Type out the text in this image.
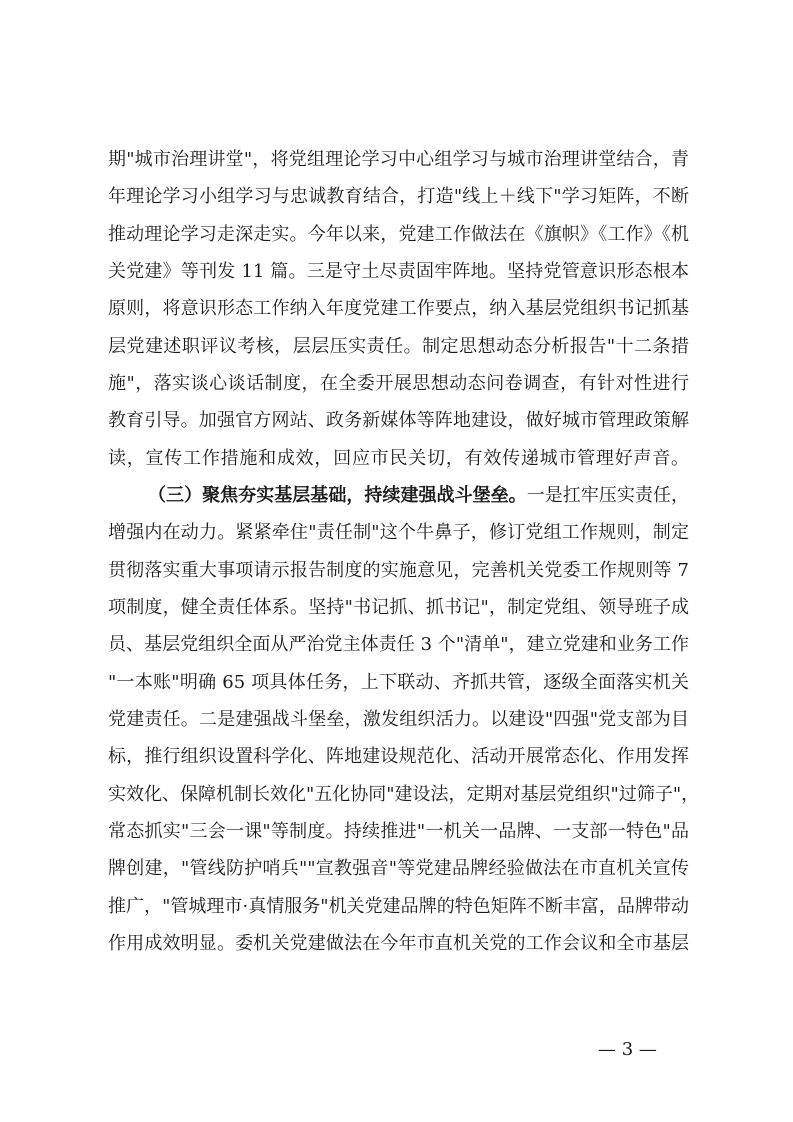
期"城市治理讲堂"，将党组理论学习中心组学习与城市治理讲堂结合，青
年理论学习小组学习与忠诚教育结合，打造"线上＋线下"学习矩阵，不断
推动理论学习走深走实。今年以来，党建工作做法在《旗帜》《工作》《机
关党建》等刊发 11 篇。三是守土尽责固牢阵地。坚持党管意识形态根本
原则，将意识形态工作纳入年度党建工作要点，纳入基层党组织书记抓基
层党建述职评议考核，层层压实责任。制定思想动态分析报告"十二条措
施"，落实谈心谈话制度，在全委开展思想动态问卷调查，有针对性进行
教育引导。加强官方网站、政务新媒体等阵地建设，做好城市管理政策解
读，宣传工作措施和成效，回应市民关切，有效传递城市管理好声音。
（三）聚焦夯实基层基础，持续建强战斗堡垒。一是扛牢压实责任，
增强内在动力。紧紧牵住"责任制"这个牛鼻子，修订党组工作规则，制定
贯彻落实重大事项请示报告制度的实施意见，完善机关党委工作规则等 7
项制度，健全责任体系。坚持"书记抓、抓书记"，制定党组、领导班子成
员、基层党组织全面从严治党主体责任 3 个"清单"，建立党建和业务工作
"一本账"明确 65 项具体任务，上下联动、齐抓共管，逐级全面落实机关
党建责任。二是建强战斗堡垒，激发组织活力。以建设"四强"党支部为目
标，推行组织设置科学化、阵地建设规范化、活动开展常态化、作用发挥
实效化、保障机制长效化"五化协同"建设法，定期对基层党组织"过筛子"，
常态抓实"三会一课"等制度。持续推进"一机关一品牌、一支部一特色"品
牌创建，"管线防护哨兵""宣教强音"等党建品牌经验做法在市直机关宣传
推广，"管城理市·真情服务"机关党建品牌的特色矩阵不断丰富，品牌带动
作用成效明显。委机关党建做法在今年市直机关党的工作会议和全市基层
— 3 —
